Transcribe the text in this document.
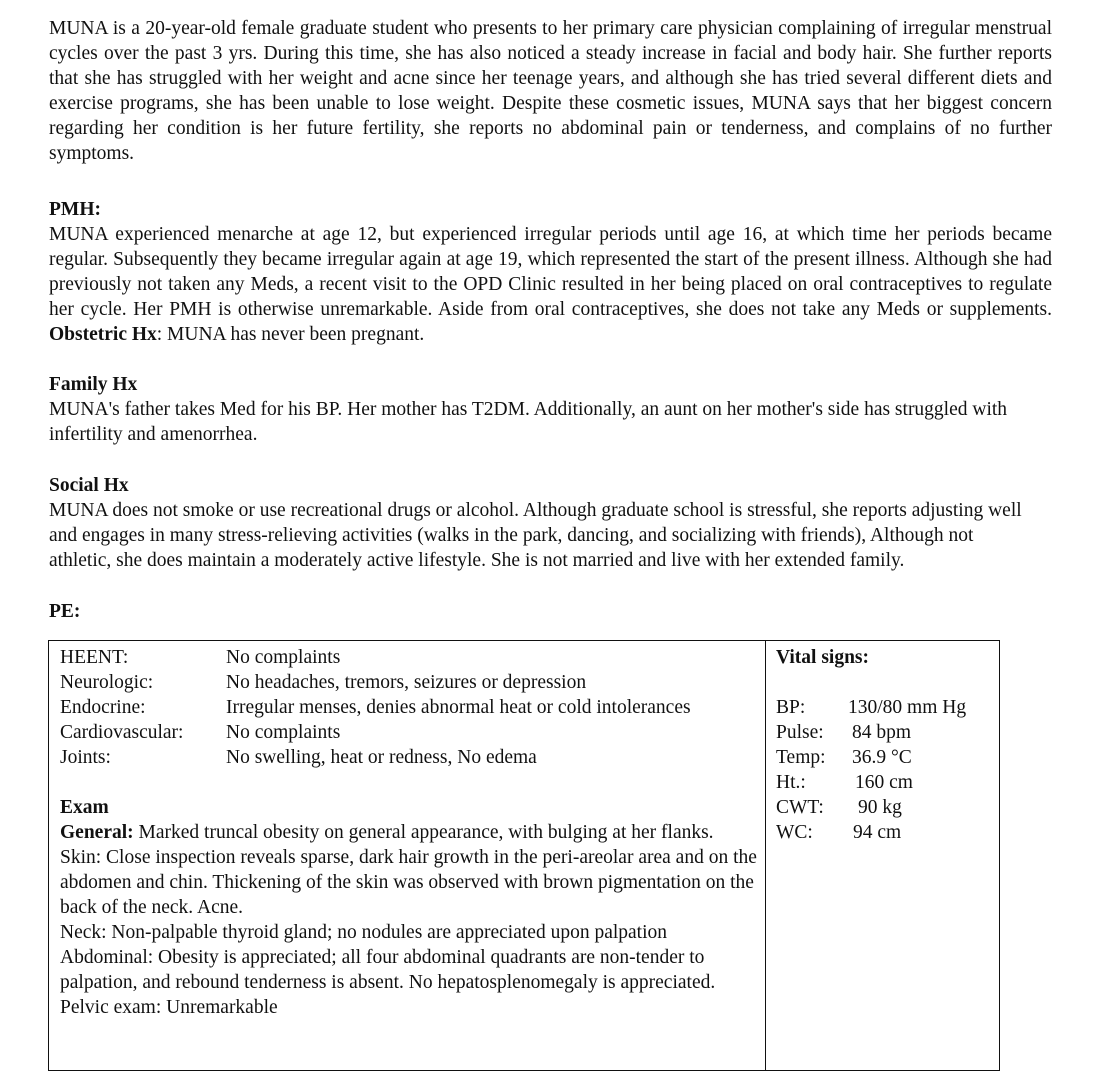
MUNA is a 20-year-old female graduate student who presents to her primary care physician complaining of irregular menstrual cycles over the past 3 yrs. During this time, she has also noticed a steady increase in facial and body hair. She further reports that she has struggled with her weight and acne since her teenage years, and although she has tried several different diets and exercise programs, she has been unable to lose weight. Despite these cosmetic issues, MUNA says that her biggest concern regarding her condition is her future fertility, she reports no abdominal pain or tenderness, and complains of no further symptoms.

PMH:

MUNA experienced menarche at age 12, but experienced irregular periods until age 16, at which time her periods became regular. Subsequently they became irregular again at age 19, which represented the start of the present illness. Although she had previously not taken any Meds, a recent visit to the OPD Clinic resulted in her being placed on oral contraceptives to regulate her cycle. Her PMH is otherwise unremarkable. Aside from oral contraceptives, she does not take any Meds or supplements. Obstetric Hx: MUNA has never been pregnant.

Family Hx

MUNA's father takes Med for his BP. Her mother has T2DM. Additionally, an aunt on her mother's side has struggled with infertility and amenorrhea.

Social Hx

MUNA does not smoke or use recreational drugs or alcohol. Although graduate school is stressful, she reports adjusting well and engages in many stress-relieving activities (walks in the park, dancing, and socializing with friends), Although not athletic, she does maintain a moderately active lifestyle. She is not married and live with her extended family.

PE:

HEENT:	No complaints
Neurologic:	No headaches, tremors, seizures or depression
Endocrine:	Irregular menses, denies abnormal heat or cold intolerances
Cardiovascular:	No complaints
Joints:	No swelling, heat or redness, No edema
Exam
General: Marked truncal obesity on general appearance, with bulging at her flanks.
Skin: Close inspection reveals sparse, dark hair growth in the peri-areolar area and on the abdomen and chin. Thickening of the skin was observed with brown pigmentation on the back of the neck. Acne.
Neck: Non-palpable thyroid gland; no nodules are appreciated upon palpation
Abdominal: Obesity is appreciated; all four abdominal quadrants are non-tender to palpation, and rebound tenderness is absent. No hepatosplenomegaly is appreciated.
Pelvic exam: Unremarkable
Vital signs:
BP:	130/80 mm Hg
Pulse:	84 bpm
Temp:	36.9 °C
Ht.:	160 cm
CWT:	90 kg
WC:	94 cm
